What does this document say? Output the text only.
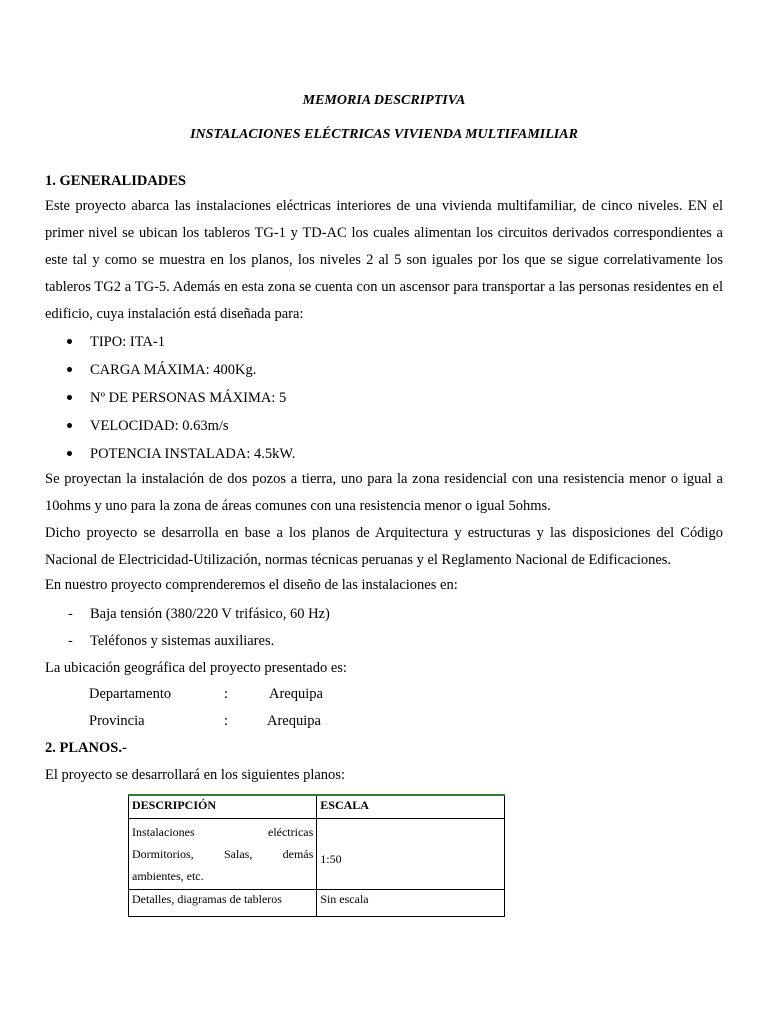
MEMORIA DESCRIPTIVA
INSTALACIONES ELÉCTRICAS VIVIENDA MULTIFAMILIAR
1. GENERALIDADES

Este proyecto abarca las instalaciones eléctricas interiores de una vivienda multifamiliar, de cinco niveles. EN el primer nivel se ubican los tableros TG-1 y TD-AC los cuales alimentan los circuitos derivados correspondientes a este tal y como se muestra en los planos, los niveles 2 al 5 son iguales por los que se sigue correlativamente los tableros TG2 a TG-5. Además en esta zona se cuenta con un ascensor para transportar a las personas residentes en el edificio, cuya instalación está diseñada para:

TIPO: ITA-1
CARGA MÁXIMA: 400Kg.
Nº DE PERSONAS MÁXIMA: 5
VELOCIDAD: 0.63m/s
POTENCIA INSTALADA: 4.5kW.

Se proyectan la instalación de dos pozos a tierra, uno para la zona residencial con una resistencia menor o igual a 10ohms y uno para la zona de áreas comunes con una resistencia menor o igual 5ohms.

Dicho proyecto se desarrolla en base a los planos de Arquitectura y estructuras y las disposiciones del Código Nacional de Electricidad-Utilización, normas técnicas peruanas y el Reglamento Nacional de Edificaciones.

En nuestro proyecto comprenderemos el diseño de las instalaciones en:
- Baja tensión (380/220 V trifásico, 60 Hz)
- Teléfonos y sistemas auxiliares.
La ubicación geográfica del proyecto presentado es:
Departamento	:	Arequipa
Provincia	:	Arequipa
2. PLANOS.-
El proyecto se desarrollará en los siguientes planos:
DESCRIPCIÓN	ESCALA

Instalaciones eléctricas
Dormitorios, Salas, demás
ambientes, etc.	1:50
Detalles, diagramas de tableros	Sin escala
